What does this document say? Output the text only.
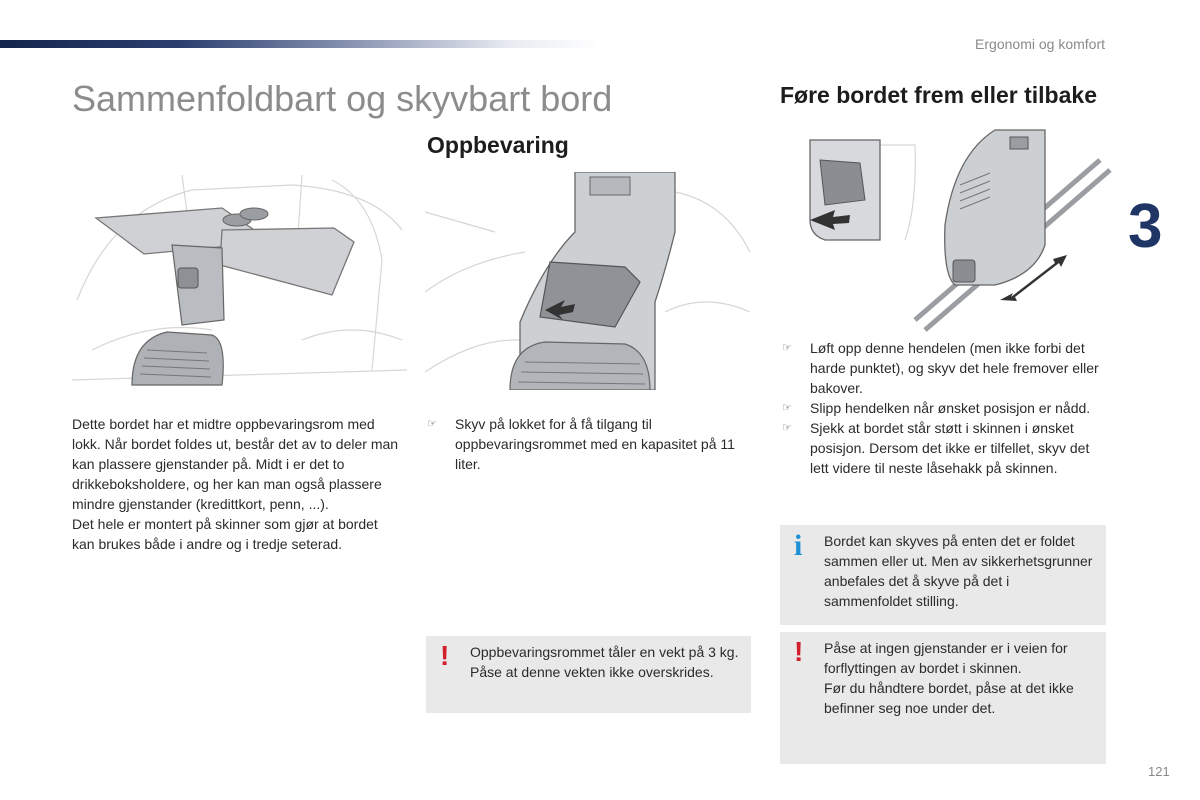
Ergonomi og komfort
3
121
Sammenfoldbart og skyvbart bord

Dette bordet har et midtre oppbevaringsrom med lokk. Når bordet foldes ut, består det av to deler man kan plassere gjenstander på. Midt i er det to drikkeboksholdere, og her kan man også plassere mindre gjenstander (kredittkort, penn, ...).
Det hele er montert på skinner som gjør at bordet kan brukes både i andre og i tredje seterad.

Oppbevaring
☞ Skyv på lokket for å få tilgang til oppbevaringsrommet med en kapasitet på 11 liter.
! Oppbevaringsrommet tåler en vekt på 3 kg. Påse at denne vekten ikke overskrides.

Føre bordet frem eller tilbake
☞ Løft opp denne hendelen (men ikke forbi det harde punktet), og skyv det hele fremover eller bakover.
☞ Slipp hendelken når ønsket posisjon er nådd.
☞ Sjekk at bordet står støtt i skinnen i ønsket posisjon. Dersom det ikke er tilfellet, skyv det lett videre til neste låsehakk på skinnen.
i Bordet kan skyves på enten det er foldet sammen eller ut. Men av sikkerhetsgrunner anbefales det å skyve på det i sammenfoldet stilling.

! Påse at ingen gjenstander er i veien for forflyttingen av bordet i skinnen.
Før du håndtere bordet, påse at det ikke befinner seg noe under det.
